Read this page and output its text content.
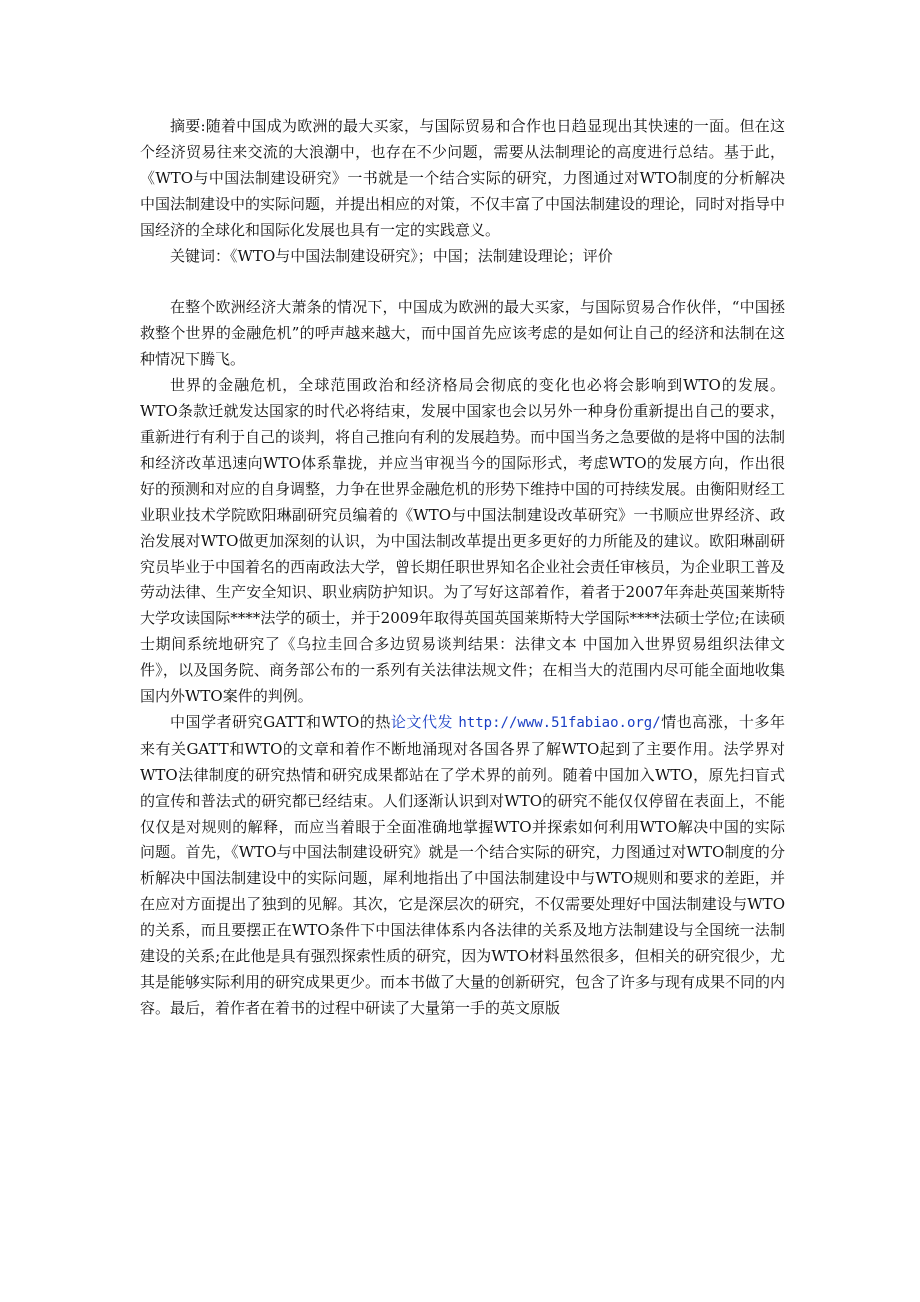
摘要:随着中国成为欧洲的最大买家，与国际贸易和合作也日趋显现出其快速的一面。但在这个经济贸易往来交流的大浪潮中，也存在不少问题，需要从法制理论的高度进行总结。基于此，《WTO与中国法制建设研究》一书就是一个结合实际的研究，力图通过对WTO制度的分析解决中国法制建设中的实际问题，并提出相应的对策，不仅丰富了中国法制建设的理论，同时对指导中国经济的全球化和国际化发展也具有一定的实践意义。

关键词：《WTO与中国法制建设研究》；中国；法制建设理论；评价

在整个欧洲经济大萧条的情况下，中国成为欧洲的最大买家，与国际贸易合作伙伴，“中国拯救整个世界的金融危机”的呼声越来越大，而中国首先应该考虑的是如何让自己的经济和法制在这种情况下腾飞。

世界的金融危机，全球范围政治和经济格局会彻底的变化也必将会影响到WTO的发展。WTO条款迁就发达国家的时代必将结束，发展中国家也会以另外一种身份重新提出自己的要求，重新进行有利于自己的谈判，将自己推向有利的发展趋势。而中国当务之急要做的是将中国的法制和经济改革迅速向WTO体系靠拢，并应当审视当今的国际形式，考虑WTO的发展方向，作出很好的预测和对应的自身调整，力争在世界金融危机的形势下维持中国的可持续发展。由衡阳财经工业职业技术学院欧阳琳副研究员编着的《WTO与中国法制建设改革研究》一书顺应世界经济、政治发展对WTO做更加深刻的认识，为中国法制改革提出更多更好的力所能及的建议。欧阳琳副研究员毕业于中国着名的西南政法大学，曾长期任职世界知名企业社会责任审核员，为企业职工普及劳动法律、生产安全知识、职业病防护知识。为了写好这部着作，着者于2007年奔赴英国莱斯特大学攻读国际****法学的硕士，并于2009年取得英国英国莱斯特大学国际****法硕士学位;在读硕士期间系统地研究了《乌拉圭回合多边贸易谈判结果：法律文本 中国加入世界贸易组织法律文件》，以及国务院、商务部公布的一系列有关法律法规文件；在相当大的范围内尽可能全面地收集国内外WTO案件的判例。

中国学者研究GATT和WTO的热论文代发 http://www.51fabiao.org/情也高涨，十多年来有关GATT和WTO的文章和着作不断地涌现对各国各界了解WTO起到了主要作用。法学界对WTO法律制度的研究热情和研究成果都站在了学术界的前列。随着中国加入WTO，原先扫盲式的宣传和普法式的研究都已经结束。人们逐渐认识到对WTO的研究不能仅仅停留在表面上，不能仅仅是对规则的解释，而应当着眼于全面准确地掌握WTO并探索如何利用WTO解决中国的实际问题。首先，《WTO与中国法制建设研究》就是一个结合实际的研究，力图通过对WTO制度的分析解决中国法制建设中的实际问题，犀利地指出了中国法制建设中与WTO规则和要求的差距，并在应对方面提出了独到的见解。其次，它是深层次的研究，不仅需要处理好中国法制建设与WTO的关系，而且要摆正在WTO条件下中国法律体系内各法律的关系及地方法制建设与全国统一法制建设的关系;在此他是具有强烈探索性质的研究，因为WTO材料虽然很多，但相关的研究很少，尤其是能够实际利用的研究成果更少。而本书做了大量的创新研究，包含了许多与现有成果不同的内容。最后，着作者在着书的过程中研读了大量第一手的英文原版
